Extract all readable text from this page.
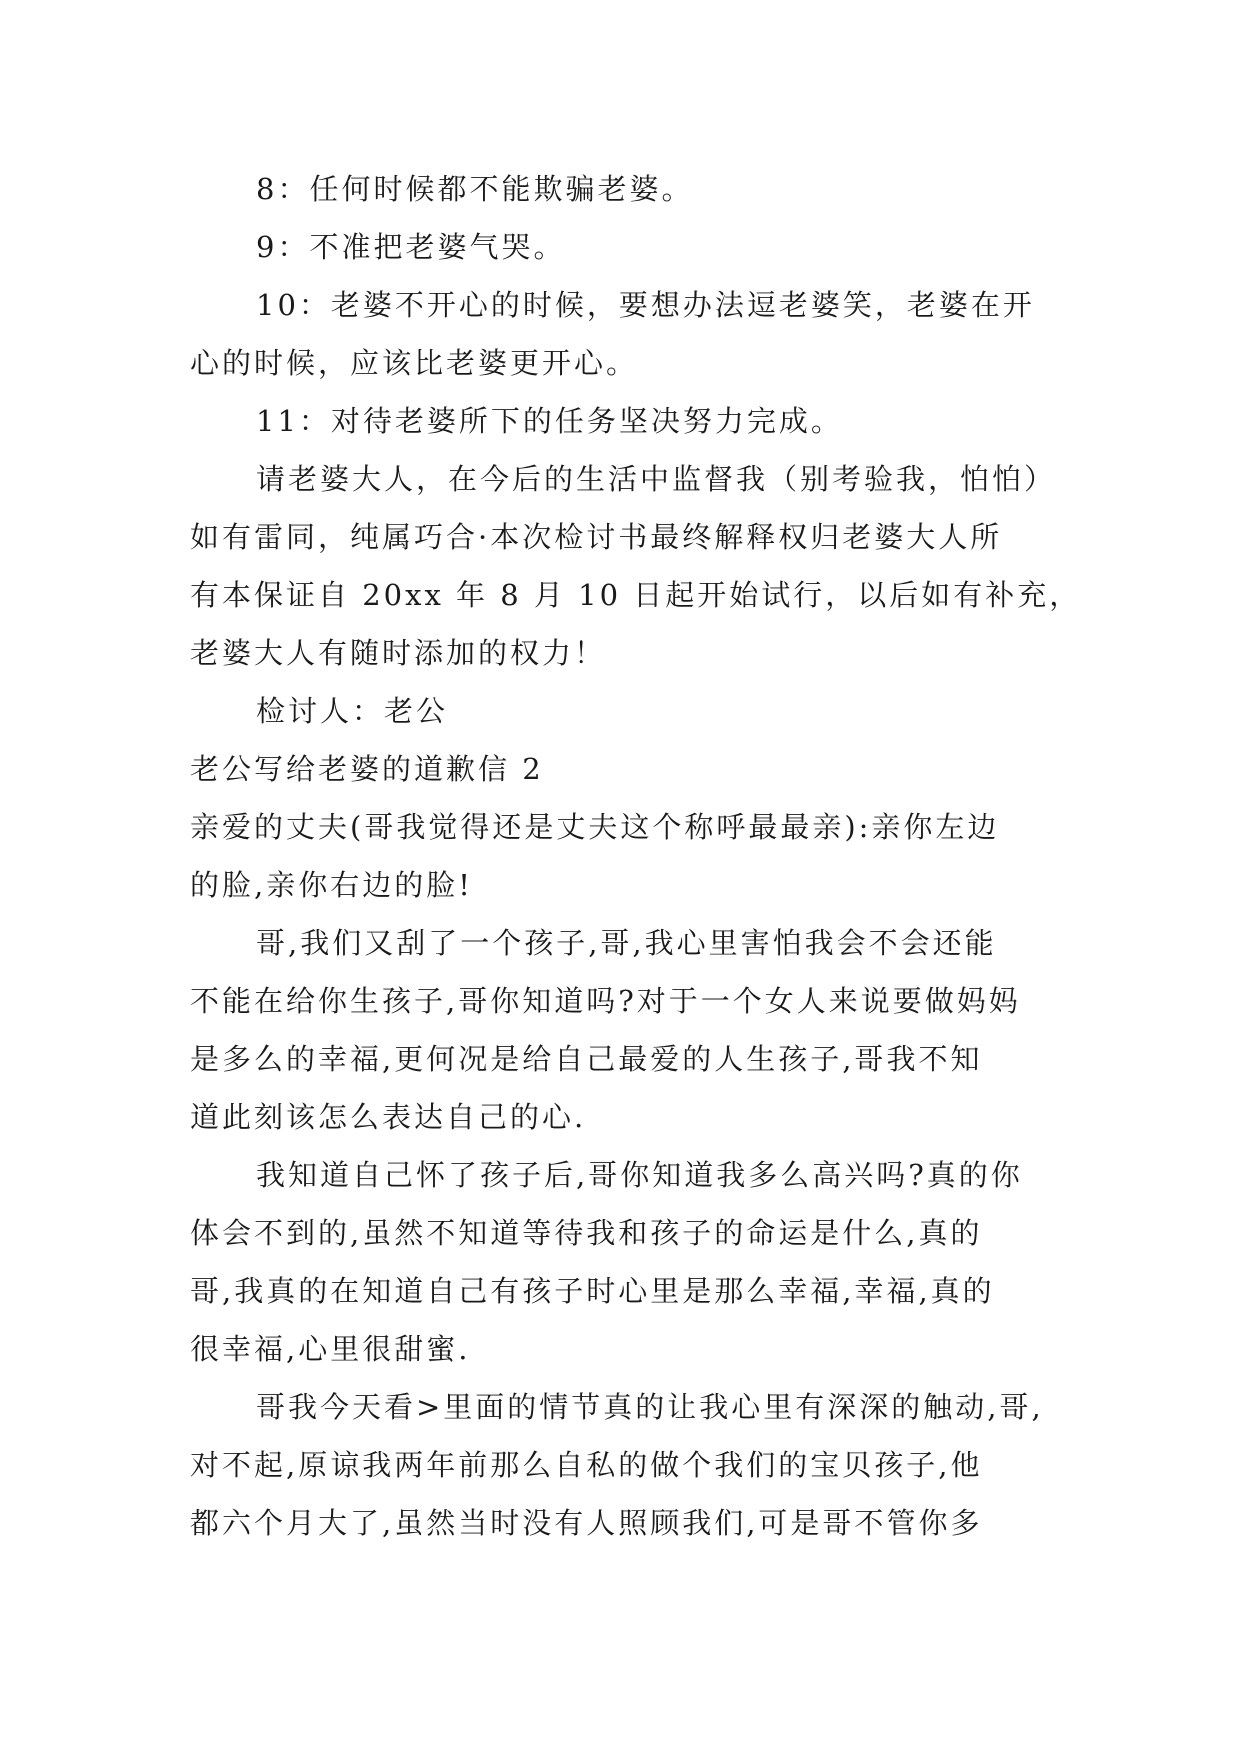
8：任何时候都不能欺骗老婆。
9：不准把老婆气哭。
10：老婆不开心的时候，要想办法逗老婆笑，老婆在开
心的时候，应该比老婆更开心。
11：对待老婆所下的任务坚决努力完成。
请老婆大人，在今后的生活中监督我（别考验我，怕怕）
如有雷同，纯属巧合·本次检讨书最终解释权归老婆大人所
有本保证自 20xx 年 8 月 10 日起开始试行，以后如有补充，
老婆大人有随时添加的权力！
检讨人：老公
老公写给老婆的道歉信 2
亲爱的丈夫(哥我觉得还是丈夫这个称呼最最亲):亲你左边
的脸,亲你右边的脸!
哥,我们又刮了一个孩子,哥,我心里害怕我会不会还能
不能在给你生孩子,哥你知道吗?对于一个女人来说要做妈妈
是多么的幸福,更何况是给自己最爱的人生孩子,哥我不知
道此刻该怎么表达自己的心.
我知道自己怀了孩子后,哥你知道我多么高兴吗?真的你
体会不到的,虽然不知道等待我和孩子的命运是什么,真的
哥,我真的在知道自己有孩子时心里是那么幸福,幸福,真的
很幸福,心里很甜蜜.
哥我今天看>里面的情节真的让我心里有深深的触动,哥,
对不起,原谅我两年前那么自私的做个我们的宝贝孩子,他
都六个月大了,虽然当时没有人照顾我们,可是哥不管你多
